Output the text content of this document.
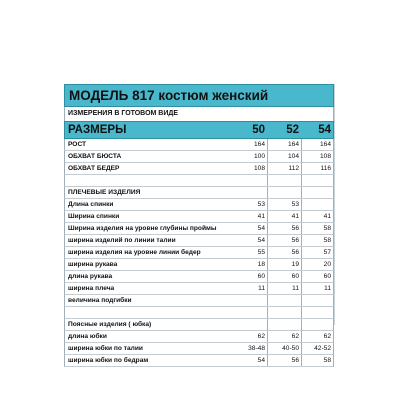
МОДЕЛЬ 817 костюм женский
ИЗМЕРЕНИЯ В ГОТОВОМ ВИДЕ
РАЗМЕРЫ	50	52	54
РОСТ	164	164	164
ОБХВАТ БЮСТА	100	104	108
ОБХВАТ БЕДЕР	108	112	116
ПЛЕЧЕВЫЕ ИЗДЕЛИЯ
Длина спинки	53	53
Ширина спинки	41	41	41
Ширина изделия на уровне глубины проймы	54	56	58
ширина изделий по линии талии	54	56	58
ширина изделия на уровне линии бедер	55	56	57
ширина рукава	18	19	20
длина рукава	60	60	60
ширина плеча	11	11	11
величина подгибки
Поясные изделия ( юбка)
длина юбки	62	62	62
ширина юбки по талии	38-48	40-50	42-52
ширина юбки по бедрам	54	56	58
